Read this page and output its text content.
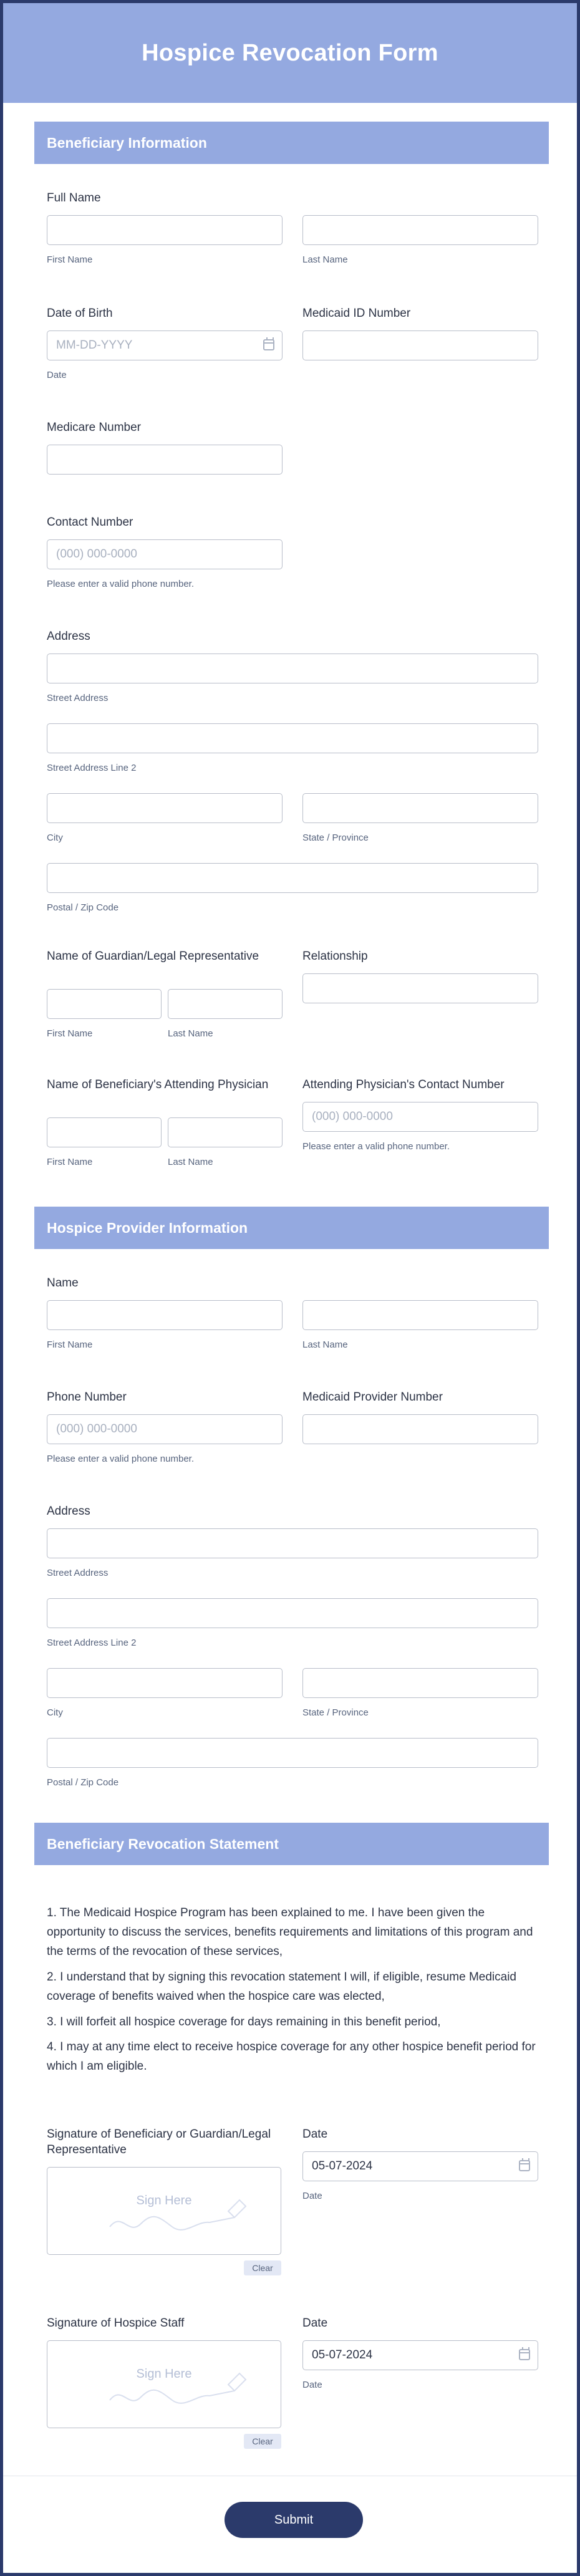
Hospice Revocation Form
Beneficiary Information
Full Name
First Name	Last Name
Date of Birth
MM-DD-YYYY
Date
Medicaid ID Number
Medicare Number
Contact Number
(000) 000-0000
Please enter a valid phone number.
Address
Street Address
Street Address Line 2
City	State / Province
Postal / Zip Code
Name of Guardian/Legal Representative
First Name	Last Name
Relationship
Name of Beneficiary's Attending Physician
First Name	Last Name
Attending Physician's Contact Number
(000) 000-0000
Please enter a valid phone number.
Hospice Provider Information
Name
First Name	Last Name
Phone Number
(000) 000-0000
Please enter a valid phone number.
Medicaid Provider Number
Address
Street Address
Street Address Line 2
City	State / Province
Postal / Zip Code
Beneficiary Revocation Statement
1. The Medicaid Hospice Program has been explained to me. I have been given the opportunity to discuss the services, benefits requirements and limitations of this program and the terms of the revocation of these services,
2. I understand that by signing this revocation statement I will, if eligible, resume Medicaid coverage of benefits waived when the hospice care was elected,
3. I will forfeit all hospice coverage for days remaining in this benefit period,
4. I may at any time elect to receive hospice coverage for any other hospice benefit period for which I am eligible.
Signature of Beneficiary or Guardian/Legal Representative
Sign Here
Clear
Date
05-07-2024
Date
Signature of Hospice Staff
Sign Here
Clear
Date
05-07-2024
Date
Submit
